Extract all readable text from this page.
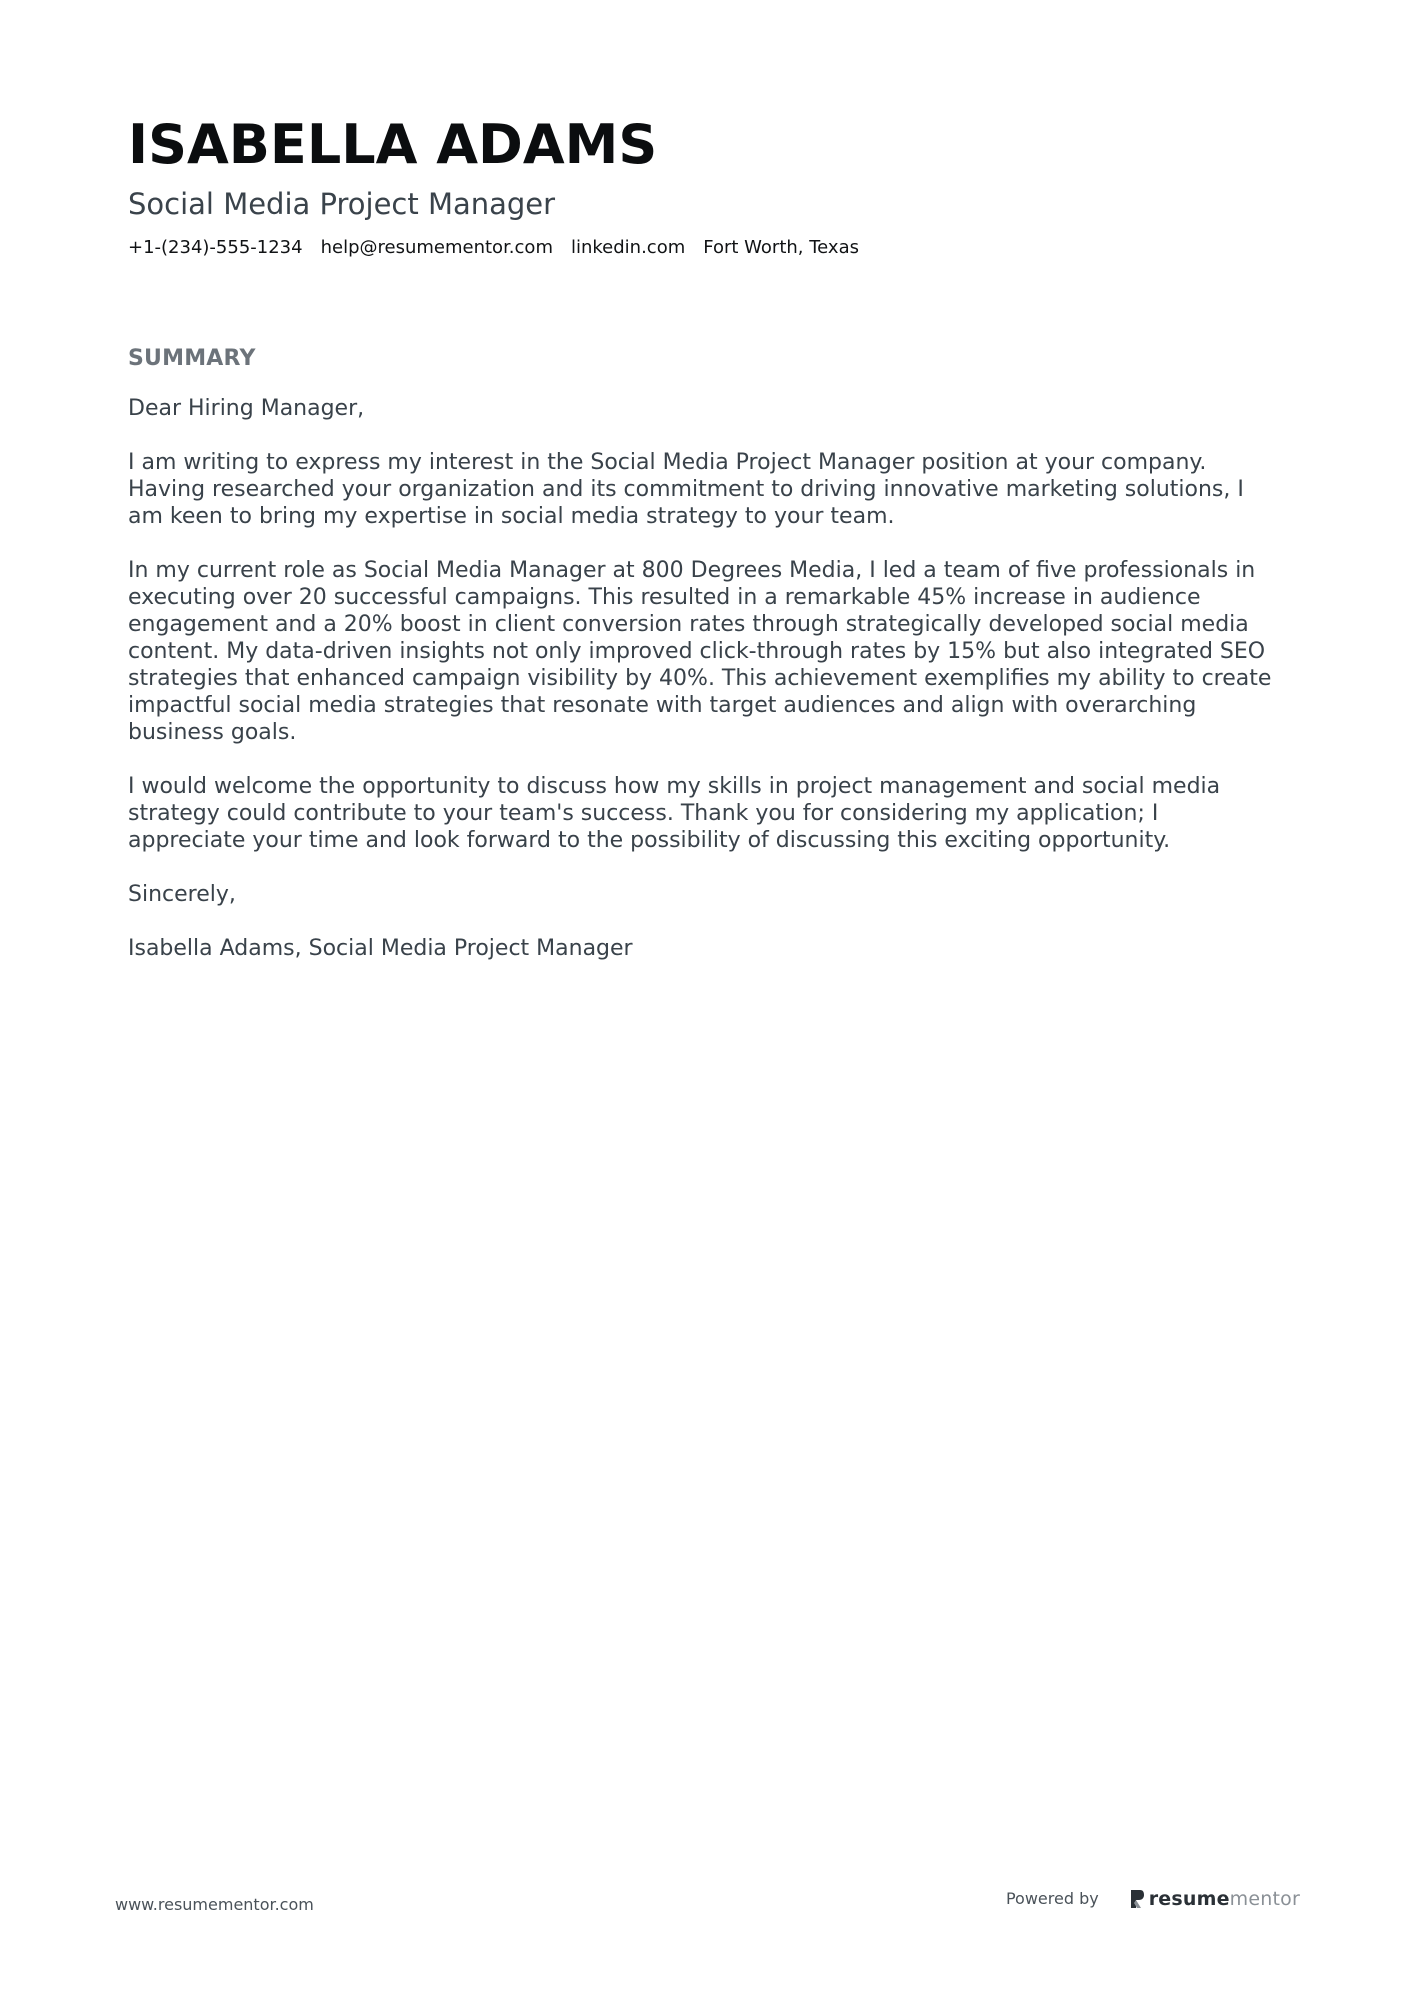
ISABELLA ADAMS
Social Media Project Manager
+1-(234)-555-1234 help@resumementor.com linkedin.com Fort Worth, Texas
SUMMARY

Dear Hiring Manager,

I am writing to express my interest in the Social Media Project Manager position at your company. Having researched your organization and its commitment to driving innovative marketing solutions, I am keen to bring my expertise in social media strategy to your team.

In my current role as Social Media Manager at 800 Degrees Media, I led a team of five professionals in executing over 20 successful campaigns. This resulted in a remarkable 45% increase in audience engagement and a 20% boost in client conversion rates through strategically developed social media content. My data-driven insights not only improved click-through rates by 15% but also integrated SEO strategies that enhanced campaign visibility by 40%. This achievement exemplifies my ability to create impactful social media strategies that resonate with target audiences and align with overarching business goals.

I would welcome the opportunity to discuss how my skills in project management and social media strategy could contribute to your team's success. Thank you for considering my application; I appreciate your time and look forward to the possibility of discussing this exciting opportunity.

Sincerely,

Isabella Adams, Social Media Project Manager

www.resumementor.com	Powered by	resume mentor
